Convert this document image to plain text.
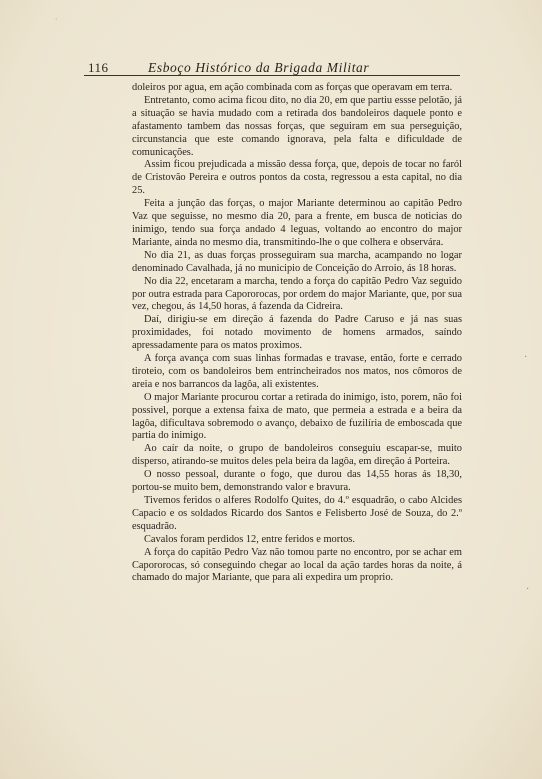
⸱
116	Esboço Histórico da Brigada Militar

doleiros por agua, em ação combinada com as forças que operavam em terra.

Entretanto, como acima ficou dito, no dia 20, em que partiu essse pelotão, já a situação se havia mudado com a retirada dos bandoleiros daquele ponto e afastamento tambem das nossas forças, que seguiram em sua perseguição, circunstancia que este comando ignorava, pela falta e dificuldade de comunicações.

Assim ficou prejudicada a missão dessa força, que, depois de tocar no faról de Cristovão Pereira e outros pontos da costa, regressou a esta capital, no dia 25.

Feita a junção das forças, o major Mariante determinou ao capitão Pedro Vaz que seguisse, no mesmo dia 20, para a frente, em busca de noticias do inimigo, tendo sua força andado 4 leguas, voltando ao encontro do major Mariante, ainda no mesmo dia, transmitindo-lhe o que colhera e observára.

No dia 21, as duas forças prosseguiram sua marcha, acampando no logar denominado Cavalhada, já no municipio de Conceição do Arroio, ás 18 horas.

No dia 22, encetaram a marcha, tendo a força do capitão Pedro Vaz seguido por outra estrada para Capororocas, por ordem do major Mariante, que, por sua vez, chegou, ás 14,50 horas, á fazenda da Cidreira.

Daí, dirigiu-se em direção á fazenda do Padre Caruso e já nas suas proximidades, foi notado movimento de homens armados, saíndo apressadamente para os matos proximos.

A força avança com suas linhas formadas e travase, então, forte e cerrado tiroteio, com os bandoleiros bem entrincheirados nos matos, nos cômoros de areia e nos barrancos da lagôa, ali existentes.

O major Mariante procurou cortar a retirada do inimigo, isto, porem, não foi possivel, porque a extensa faixa de mato, que permeia a estrada e a beira da lagôa, dificultava sobremodo o avanço, debaixo de fuzilíria de emboscada que partia do inimigo.

Ao caír da noite, o grupo de bandoleiros conseguiu escapar-se, muito disperso, atirando-se muitos deles pela beira da lagôa, em direção á Porteira.

O nosso pessoal, durante o fogo, que durou das 14,55 horas ás 18,30, portou-se muito bem, demonstrando valor e bravura.

Tivemos feridos o alferes Rodolfo Quites, do 4.º esquadrão, o cabo Alcides Capacio e os soldados Ricardo dos Santos e Felisberto José de Souza, do 2.º esquadrão.

Cavalos foram perdidos 12, entre feridos e mortos.

A força do capitão Pedro Vaz não tomou parte no encontro, por se achar em Capororocas, só conseguindo chegar ao local da ação tardes horas da noite, á chamado do major Mariante, que para ali expedira um proprio.

·
·
